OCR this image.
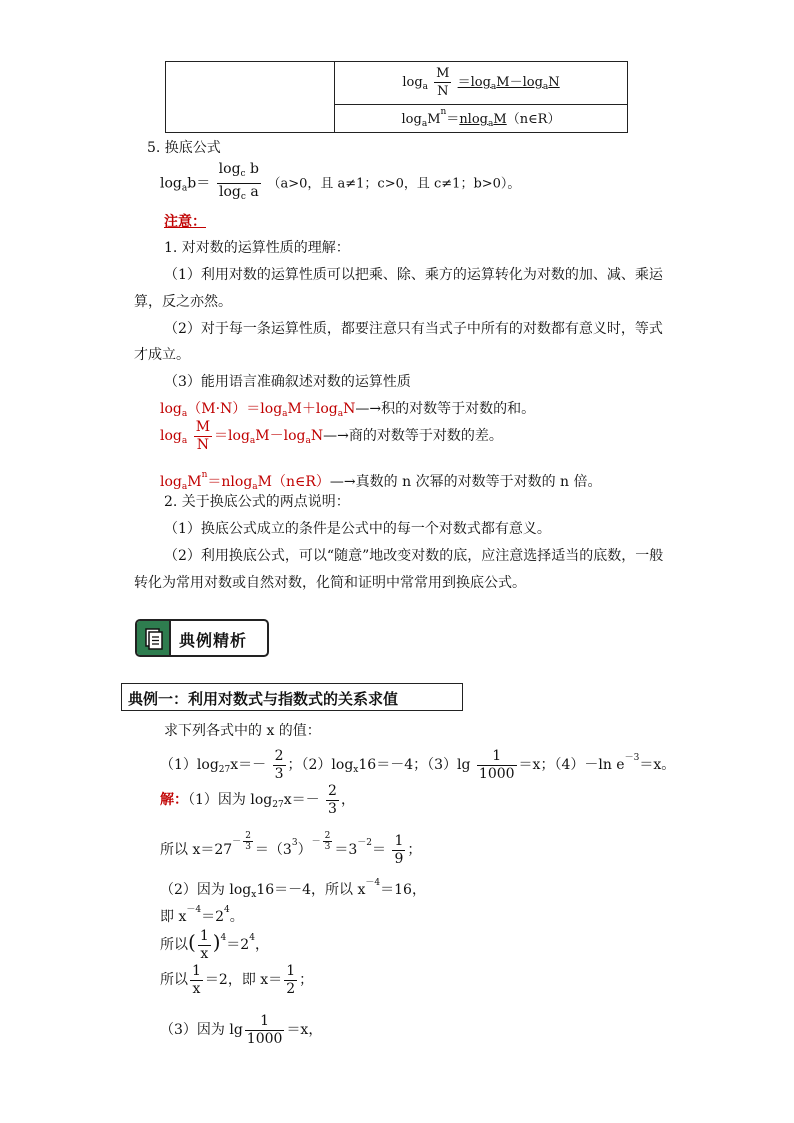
	$\log_a \frac{M}{N} =\log_aM-\log_aN$
$\log_aM^n=nlog_aM(n\in R)$
5. 换底公式
$\log_ab= \frac{\log_c b}{\log_c a} (a>0$，且 a≠1；c>0，且 c≠1；b>0）。
注意：
1. 对对数的运算性质的理解：
（1）利用对数的运算性质可以把乘、除、乘方的运算转化为对数的加、减、乘运
算，反之亦然。
（2）对于每一条运算性质，都要注意只有当式子中所有的对数都有意义时，等式
才成立。
（3）能用语言准确叙述对数的运算性质
$\log_a(M\cdot N)=\log_aM+\log_aN—\to$积的对数等于对数的和。
$\log_a \frac{M}{N}$ $=\log_aM-\log_aN—\to$商的对数等于对数的差。
$\log_aM^n=nlog_aM(n\in R)—\to$真数的 n 次幂的对数等于对数的 n 倍。
2. 关于换底公式的两点说明：
（1）换底公式成立的条件是公式中的每一个对数式都有意义。
（2）利用换底公式，可以“随意”地改变对数的底，应注意选择适当的底数，一般
转化为常用对数或自然对数，化简和证明中常常用到换底公式。
典例精析
典例一：利用对数式与指数式的关系求值
求下列各式中的 x 的值：
$(1)\log_{27}x=- \frac{2}{3}$ ；$(2)\log_x16=-4$；$(3)\lg \frac{1}{1000} =x$；（4）－ln $e^{-3}=x$。
解：（1）因为 $\log_{27}x=- \frac{2}{3}$ ，
所以 $x=27^{- \frac{2}{3}} =(3^3)^{- \frac{2}{3}} =3^{-2}= \frac{1}{9}$ ；
（2）因为 $\log_x16=-4$，所以 $x^{-4}=16$，
即 $x^{-4}=2^4$。
所以( $\frac{1}{x} )^4=2^4$，
所以 $\frac{1}{x} =2$，即 $x= \frac{1}{2}$ ；
（3）因为 $\lg \frac{1}{1000} =x$，
